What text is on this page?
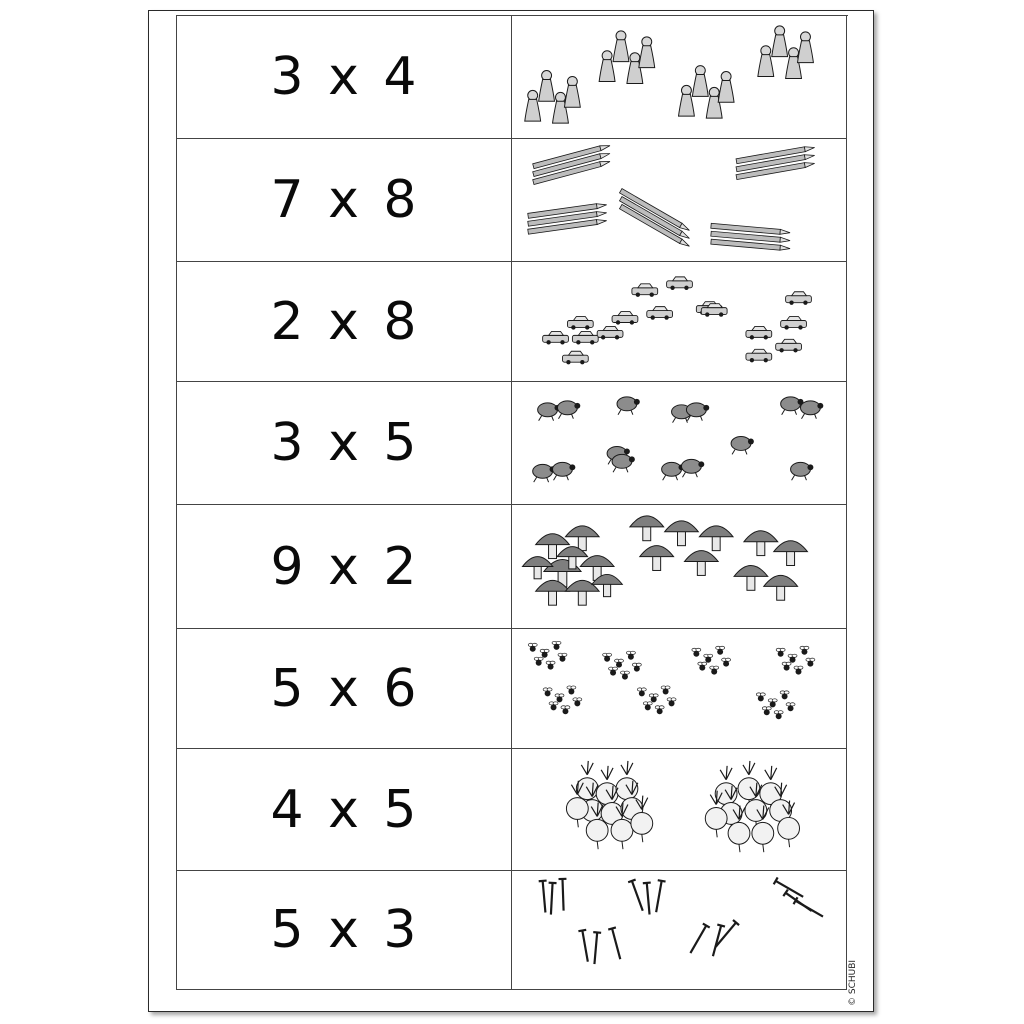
3 x 4
7 x 8
2 x 8
3 x 5
9 x 2
5 x 6
4 x 5
5 x 3
© SCHUBI
